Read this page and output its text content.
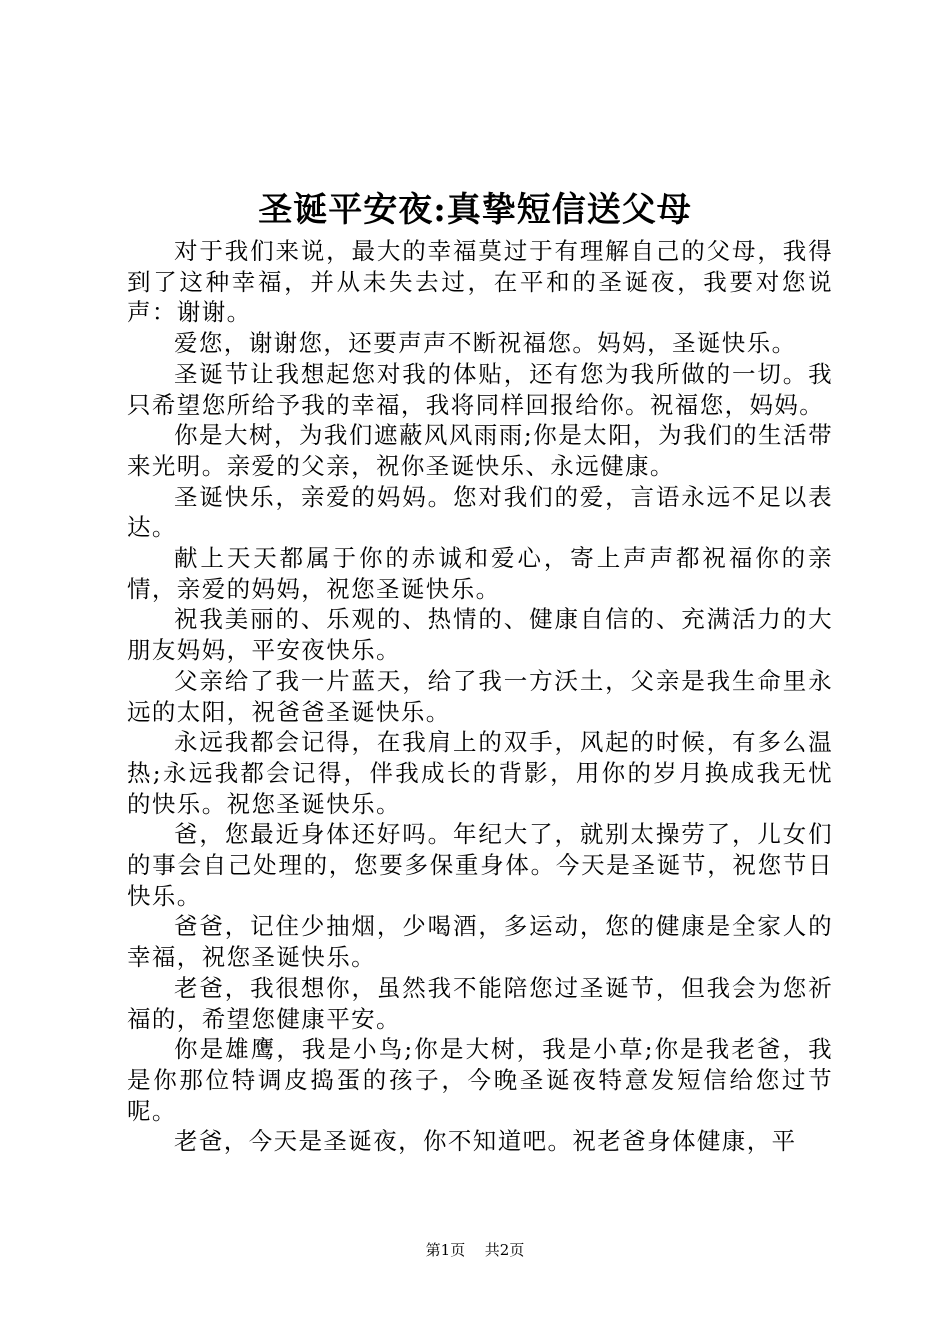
圣诞平安夜:真挚短信送父母

对于我们来说，最大的幸福莫过于有理解自己的父母，我得到了这种幸福，并从未失去过，在平和的圣诞夜，我要对您说声：谢谢。

爱您，谢谢您，还要声声不断祝福您。妈妈，圣诞快乐。

圣诞节让我想起您对我的体贴，还有您为我所做的一切。我只希望您所给予我的幸福，我将同样回报给你。祝福您，妈妈。

你是大树，为我们遮蔽风风雨雨;你是太阳，为我们的生活带来光明。亲爱的父亲，祝你圣诞快乐、永远健康。

圣诞快乐，亲爱的妈妈。您对我们的爱，言语永远不足以表达。

献上天天都属于你的赤诚和爱心，寄上声声都祝福你的亲情，亲爱的妈妈，祝您圣诞快乐。

祝我美丽的、乐观的、热情的、健康自信的、充满活力的大朋友妈妈，平安夜快乐。

父亲给了我一片蓝天，给了我一方沃土，父亲是我生命里永远的太阳，祝爸爸圣诞快乐。

永远我都会记得，在我肩上的双手，风起的时候，有多么温热;永远我都会记得，伴我成长的背影，用你的岁月换成我无忧的快乐。祝您圣诞快乐。

爸，您最近身体还好吗。年纪大了，就别太操劳了，儿女们的事会自己处理的，您要多保重身体。今天是圣诞节，祝您节日快乐。

爸爸，记住少抽烟，少喝酒，多运动，您的健康是全家人的幸福，祝您圣诞快乐。

老爸，我很想你，虽然我不能陪您过圣诞节，但我会为您祈福的，希望您健康平安。

你是雄鹰，我是小鸟;你是大树，我是小草;你是我老爸，我是你那位特调皮捣蛋的孩子，今晚圣诞夜特意发短信给您过节呢。

老爸，今天是圣诞夜，你不知道吧。祝老爸身体健康，平

第1页 共2页
